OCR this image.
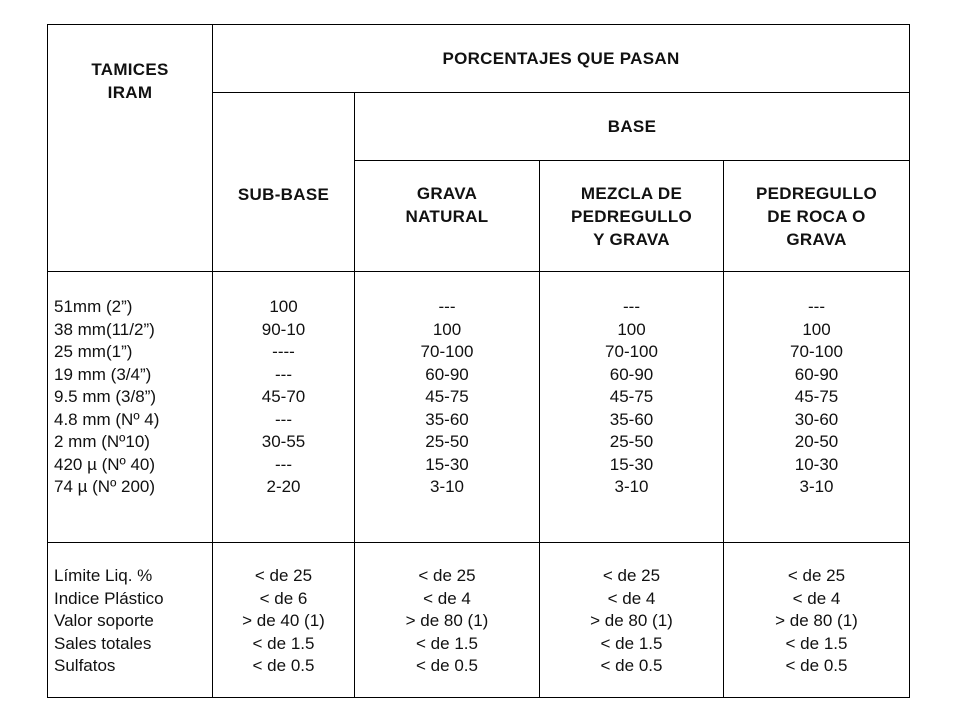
TAMICES
IRAM
PORCENTAJES QUE PASAN
BASE
SUB-BASE	GRAVA
NATURAL
MEZCLA DE
PEDREGULLO
Y GRAVA
PEDREGULLO
DE ROCA O
GRAVA
51mm (2”)
38 mm(11/2”)
25 mm(1”)
19 mm (3/4”)
9.5 mm (3/8”)
4.8 mm (Nº 4)
2 mm (Nº10)
420 µ (Nº 40)
74 µ (Nº 200)
100
90-10
----
---
45-70
---
30-55
---
2-20
---
100
70-100
60-90
45-75
35-60
25-50
15-30
3-10
---
100
70-100
60-90
45-75
35-60
25-50
15-30
3-10
---
100
70-100
60-90
45-75
30-60
20-50
10-30
3-10
Límite Liq. %
Indice Plástico
Valor soporte
Sales totales
Sulfatos
< de 25
< de 6
> de 40 (1)
< de 1.5
< de 0.5
< de 25
< de 4
> de 80 (1)
< de 1.5
< de 0.5
< de 25
< de 4
> de 80 (1)
< de 1.5
< de 0.5
< de 25
< de 4
> de 80 (1)
< de 1.5
< de 0.5
